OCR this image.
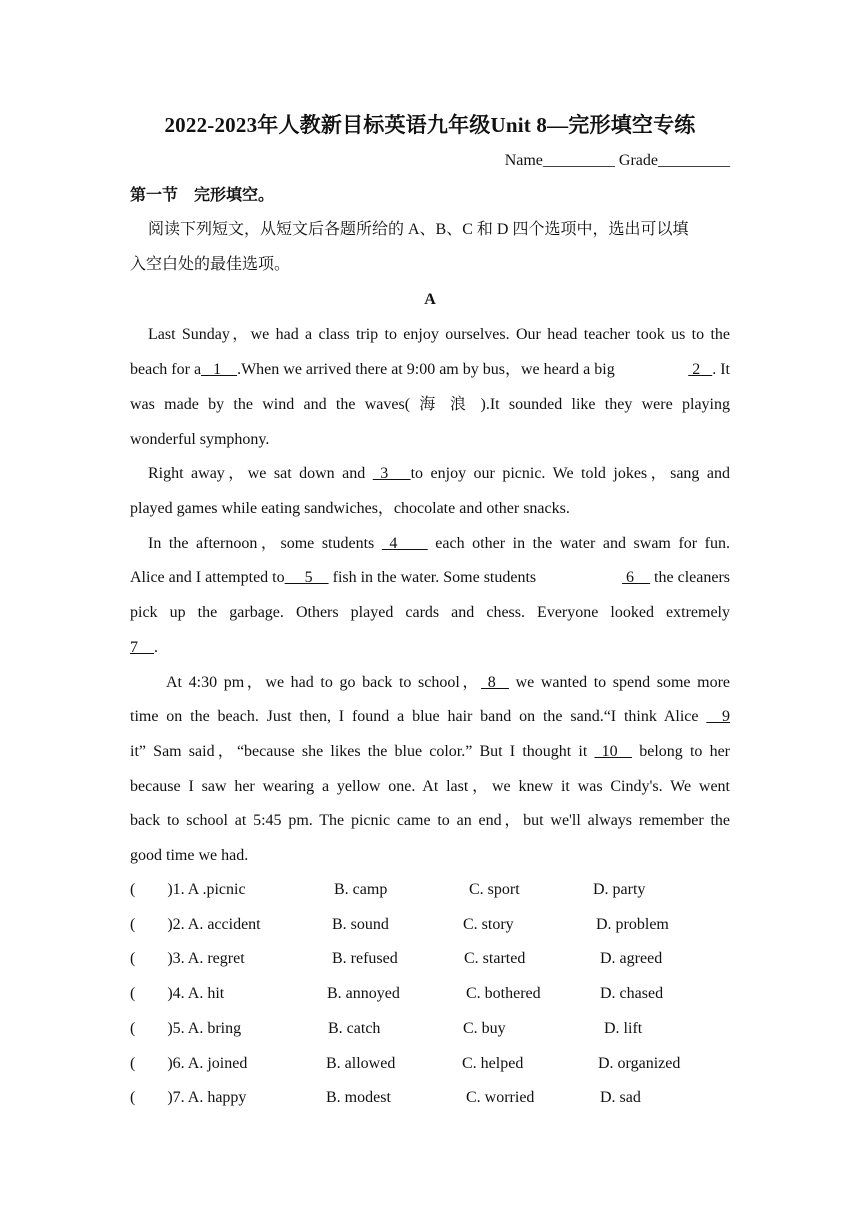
2022-2023年人教新目标英语九年级Unit 8—完形填空专练
Name_________ Grade_________
第一节    完形填空。
阅读下列短文，从短文后各题所给的 A、B、C 和 D 四个选项中，选出可以填
入空白处的最佳选项。
A
Last Sunday，we had a class trip to enjoy ourselves. Our head teacher took us to the
beach for a   1    .When we arrived there at 9:00 am by bus，we heard a big	2   . It
was made by the wind and the waves( 海 浪 ).It sounded like they were playing
wonderful symphony.
Right away，we sat down and  3   to enjoy our picnic. We told jokes，sang and
played games while eating sandwiches，chocolate and other snacks.
In the afternoon，some students  4     each other in the water and swam for fun.
Alice and I attempted to     5     fish in the water. Some students	6     the cleaners
pick up the garbage. Others played cards and chess. Everyone looked extremely
7    .
At 4:30 pm，we had to go back to school， 8   we wanted to spend some more
time on the beach. Just then, I found a blue hair band on the sand.“I think Alice   9
it” Sam said，“because she likes the blue color.” But I thought it  10   belong to her
because I saw her wearing a yellow one. At last，we knew it was Cindy's. We went
back to school at 5:45 pm. The picnic came to an end，but we'll always remember the
good time we had.
(        )1. A .picnic	B. camp	C. sport	D. party
(        )2. A. accident	B. sound	C. story	D. problem
(        )3. A. regret	B. refused	C. started	D. agreed
(        )4. A. hit	B. annoyed	C. bothered	D. chased
(        )5. A. bring	B. catch	C. buy	D. lift
(        )6. A. joined	B. allowed	C. helped	D. organized
(        )7. A. happy	B. modest	C. worried	D. sad
